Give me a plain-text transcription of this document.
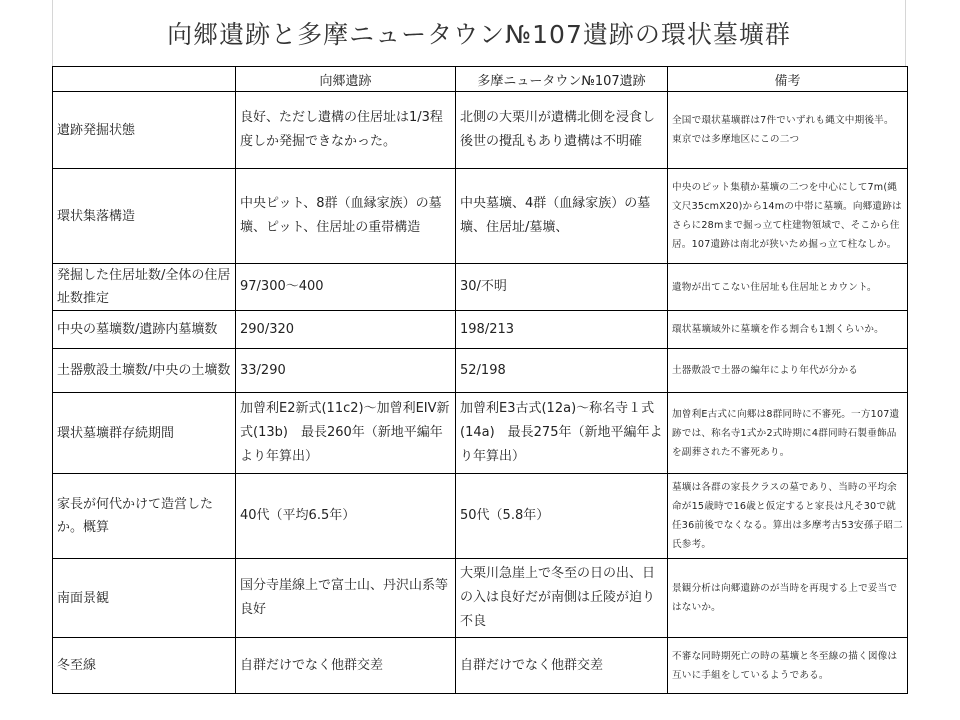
向郷遺跡と多摩ニュータウン№107遺跡の環状墓壙群
	向郷遺跡	多摩ニュータウン№107遺跡	備考
遺跡発掘状態	良好、ただし遺構の住居址は1/3程度しか発掘できなかった。	北側の大栗川が遺構北側を浸食し後世の攪乱もあり遺構は不明確	全国で環状墓壙群は7件でいずれも縄文中期後半。東京では多摩地区にこの二つ
環状集落構造	中央ピット、8群（血縁家族）の墓壙、ピット、住居址の重帯構造	中央墓壙、4群（血縁家族）の墓壙、住居址/墓壙、	中央のピット集積か墓壙の二つを中心にして7m(縄文尺35cmX20)から14mの中帯に墓壙。向郷遺跡はさらに28mまで掘っ立て柱建物領域で、そこから住居。107遺跡は南北が狭いため掘っ立て柱なしか。
発掘した住居址数/全体の住居址数推定	97/300～400	30/不明	遺物が出てこない住居址も住居址とカウント。
中央の墓壙数/遺跡内墓壙数	290/320	198/213	環状墓壙域外に墓壙を作る割合も1割くらいか。
土器敷設土壙数/中央の土壙数	33/290	52/198	土器敷設で土器の編年により年代が分かる
環状墓壙群存続期間	加曾利E2新式(11c2)～加曾利EIV新式(13b)　最長260年（新地平編年より年算出）	加曾利E3古式(12a)～称名寺１式(14a)　最長275年（新地平編年より年算出）	加曾利E古式に向郷は8群同時に不審死。一方107遺跡では、称名寺1式か2式時期に4群同時石製垂飾品を副葬された不審死あり。
家長が何代かけて造営したか。概算	40代（平均6.5年）	50代（5.8年）	墓壙は各群の家長クラスの墓であり、当時の平均余命が15歳時で16歳と仮定すると家長は凡そ30で就任36前後でなくなる。算出は多摩考古53安孫子昭二氏参考。
南面景観	国分寺崖線上で富士山、丹沢山系等良好	大栗川急崖上で冬至の日の出、日の入は良好だが南側は丘陵が迫り不良	景観分析は向郷遺跡のが当時を再現する上で妥当ではないか。
冬至線	自群だけでなく他群交差	自群だけでなく他群交差	不審な同時期死亡の時の墓壙と冬至線の描く図像は互いに手組をしているようである。
